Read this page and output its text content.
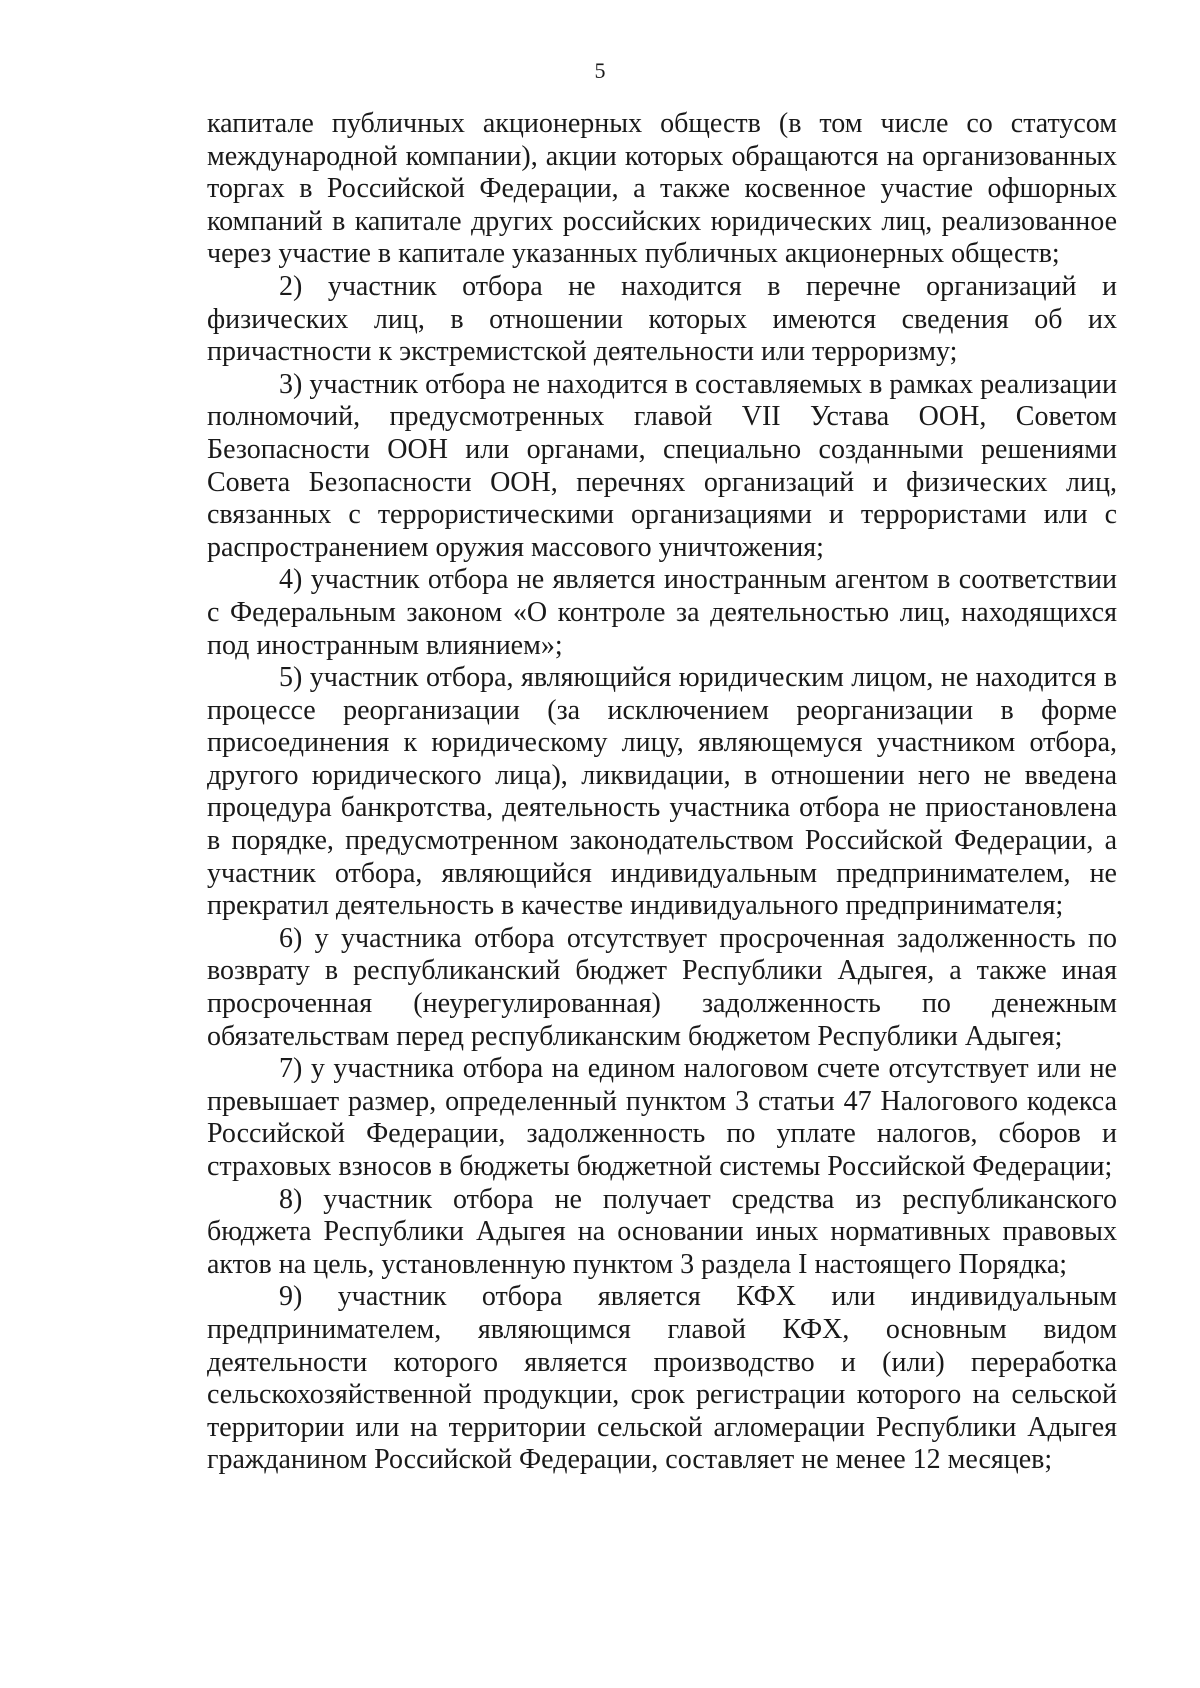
5

капитале публичных акционерных обществ (в том числе со статусом международной компании), акции которых обращаются на организованных торгах в Российской Федерации, а также косвенное участие офшорных компаний в капитале других российских юридических лиц, реализованное через участие в капитале указанных публичных акционерных обществ;

2) участник отбора не находится в перечне организаций и физических лиц, в отношении которых имеются сведения об их причастности к экстремистской деятельности или терроризму;

3) участник отбора не находится в составляемых в рамках реализации полномочий, предусмотренных главой VII Устава ООН, Советом Безопасности ООН или органами, специально созданными решениями Совета Безопасности ООН, перечнях организаций и физических лиц, связанных с террористическими организациями и террористами или с распространением оружия массового уничтожения;

4) участник отбора не является иностранным агентом в соответствии с Федеральным законом «О контроле за деятельностью лиц, находящихся под иностранным влиянием»;

5) участник отбора, являющийся юридическим лицом, не находится в процессе реорганизации (за исключением реорганизации в форме присоединения к юридическому лицу, являющемуся участником отбора, другого юридического лица), ликвидации, в отношении него не введена процедура банкротства, деятельность участника отбора не приостановлена в порядке, предусмотренном законодательством Российской Федерации, а участник отбора, являющийся индивидуальным предпринимателем, не прекратил деятельность в качестве индивидуального предпринимателя;

6) у участника отбора отсутствует просроченная задолженность по возврату в республиканский бюджет Республики Адыгея, а также иная просроченная (неурегулированная) задолженность по денежным обязательствам перед республиканским бюджетом Республики Адыгея;

7) у участника отбора на едином налоговом счете отсутствует или не превышает размер, определенный пунктом 3 статьи 47 Налогового кодекса Российской Федерации, задолженность по уплате налогов, сборов и страховых взносов в бюджеты бюджетной системы Российской Федерации;

8) участник отбора не получает средства из республиканского бюджета Республики Адыгея на основании иных нормативных правовых актов на цель, установленную пунктом 3 раздела I настоящего Порядка;

9) участник отбора является КФХ или индивидуальным предпринимателем, являющимся главой КФХ, основным видом деятельности которого является производство и (или) переработка сельскохозяйственной продукции, срок регистрации которого на сельской территории или на территории сельской агломерации Республики Адыгея гражданином Российской Федерации, составляет не менее 12 месяцев;
